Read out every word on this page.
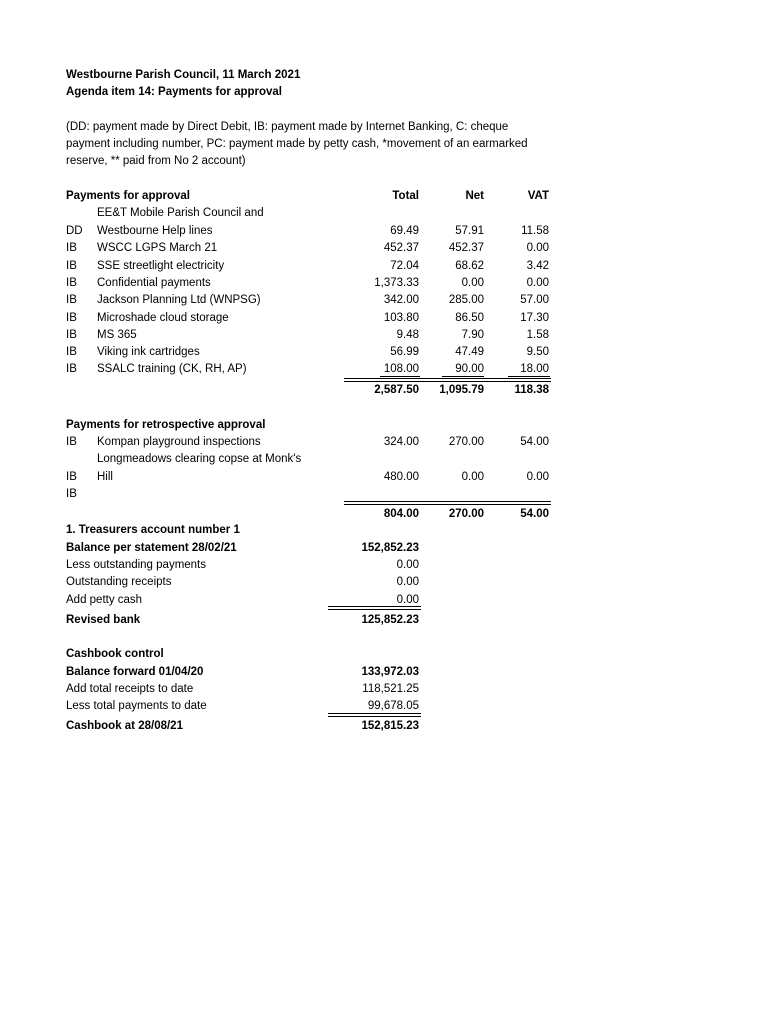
Westbourne Parish Council, 11 March 2021
Agenda item 14: Payments for approval
(DD: payment made by Direct Debit, IB: payment made by Internet Banking, C: cheque
payment including number, PC: payment made by petty cash, *movement of an earmarked
reserve, ** paid from No 2 account)
Payments for approval	Total	Net	VAT
EE&T Mobile Parish Council and
DD Westbourne Help lines	69.49	57.91	11.58
IB WSCC LGPS March 21	452.37	452.37	0.00
IB SSE streetlight electricity	72.04	68.62	3.42
IB Confidential payments	1,373.33	0.00	0.00
IB Jackson Planning Ltd (WNPSG)	342.00	285.00	57.00
IB Microshade cloud storage	103.80	86.50	17.30
IB MS 365	9.48	7.90	1.58
IB Viking ink cartridges	56.99	47.49	9.50
IB SSALC training (CK, RH, AP)	108.00	90.00	18.00
2,587.50	1,095.79	118.38
Payments for retrospective approval
IB Kompan playground inspections	324.00	270.00	54.00
Longmeadows clearing copse at Monk's
IB Hill	480.00	0.00	0.00
IB
804.00	270.00	54.00
1. Treasurers account number 1
Balance per statement 28/02/21	152,852.23
Less outstanding payments	0.00
Outstanding receipts	0.00
Add petty cash	0.00
Revised bank	125,852.23
Cashbook control
Balance forward 01/04/20	133,972.03
Add total receipts to date	118,521.25
Less total payments to date	99,678.05
Cashbook at 28/08/21	152,815.23
